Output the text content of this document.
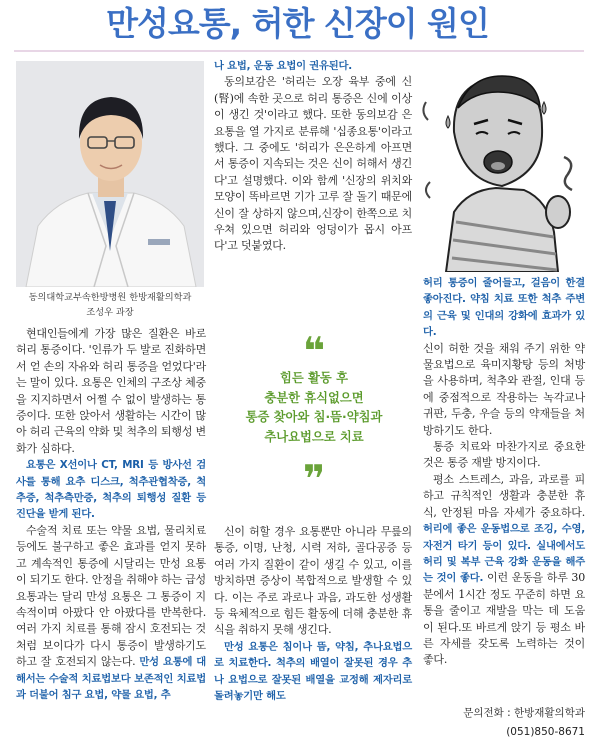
만성요통, 허한 신장이 원인
동의대학교부속한방병원 한방재활의학과
조성우 과장

현대인들에게 가장 많은 질환은 바로 허리 통증이다. '인류가 두 발로 진화하면서 얻 손의 자유와 허리 통증을 얻었다'라는 말이 있다. 요통은 인체의 구조상 체중을 지지하면서 어쩔 수 없이 발생하는 통증이다. 또한 앉아서 생활하는 시간이 많아 허리 근육의 약화 및 척추의 퇴행성 변화가 심하다.

요통은 X선이나 CT, MRI 등 방사선 검사를 통해 요추 디스크, 척추관협착증, 척추증, 척추측만증, 척추의 퇴행성 질환 등 진단을 받게 된다.

수술적 치료 또는 약물 요법, 물리치료 등에도 불구하고 좋은 효과를 얻지 못하고 계속적인 통증에 시달리는 만성 요통이 되기도 한다. 안정을 취해야 하는 급성 요통과는 달리 만성 요통은 그 통증이 지속적이며 아팠다 안 아팠다를 반복한다. 여러 가지 치료를 통해 잠시 호전되는 것처럼 보이다가 다시 통증이 발생하기도 하고 잘 호전되지 않는다. 만성 요통에 대해서는 수술적 치료법보다 보존적인 치료법과 더불어 침구 요법, 약물 요법, 추

나 요법, 운동 요법이 권유된다.

동의보감은 '허리는 오장 육부 중에 신(腎)에 속한 곳으로 허리 통증은 신에 이상이 생긴 것'이라고 했다. 또한 동의보감 은 요통을 열 가지로 분류해 '십종요통'이라고 했다. 그 중에도 '허리가 은은하게 아프면서 통증이 지속되는 것은 신이 허해서 생긴다'고 설명했다. 이와 함께 '신장의 위치와 모양이 똑바르면 기가 고루 잘 돌기 때문에 신이 잘 상하지 않으며,신장이 한쪽으로 치우쳐 있으면 허리와 엉덩이가 몹시 아프다'고 덧붙였다.

❝
힘든 활동 후
충분한 휴식없으면
통증 찾아와 침·뜸·약침과
추나요법으로 치료
❞

신이 허할 경우 요통뿐만 아니라 무릎의 통증, 이명, 난청, 시력 저하, 골다공증 등 여러 가지 질환이 같이 생길 수 있고, 이를 방치하면 증상이 복합적으로 발생할 수 있다. 이는 주로 과로나 과음, 과도한 성생활 등 육체적으로 힘든 활동에 더해 충분한 휴식을 취하지 못해 생긴다.

만성 요통은 침이나 뜸, 약침, 추나요법으로 치료한다. 척추의 배열이 잘못된 경우 추나 요법으로 잘못된 배열을 교정해 제자리로 돌려놓기만 해도

허리 통증이 줄어들고, 걸음이 한결 좋아진다. 약침 치료 또한 척추 주변의 근육 및 인대의 강화에 효과가 있다.

신이 허한 것을 채워 주기 위한 약물요법으로 육미지황탕 등의 처방을 사용하며, 척추와 관절, 인대 등에 중점적으로 작용하는 녹각교나 귀판, 두충, 우슬 등의 약재들을 처방하기도 한다.

통증 치료와 마찬가지로 중요한 것은 통증 재발 방지이다.

평소 스트레스, 과음, 과로를 피하고 규칙적인 생활과 충분한 휴식, 안정된 마음 자세가 중요하다. 허리에 좋은 운동법으로 조깅, 수영, 자전거 타기 등이 있다. 실내에서도 허리 및 복부 근육 강화 운동을 해주는 것이 좋다. 이런 운동을 하루 30분에서 1시간 정도 꾸준히 하면 요통을 줄이고 재발을 막는 데 도움이 된다.또 바르게 앉기 등 평소 바른 자세를 갖도록 노력하는 것이 좋다.

문의전화 : 한방재활의학과
(051)850-8671
